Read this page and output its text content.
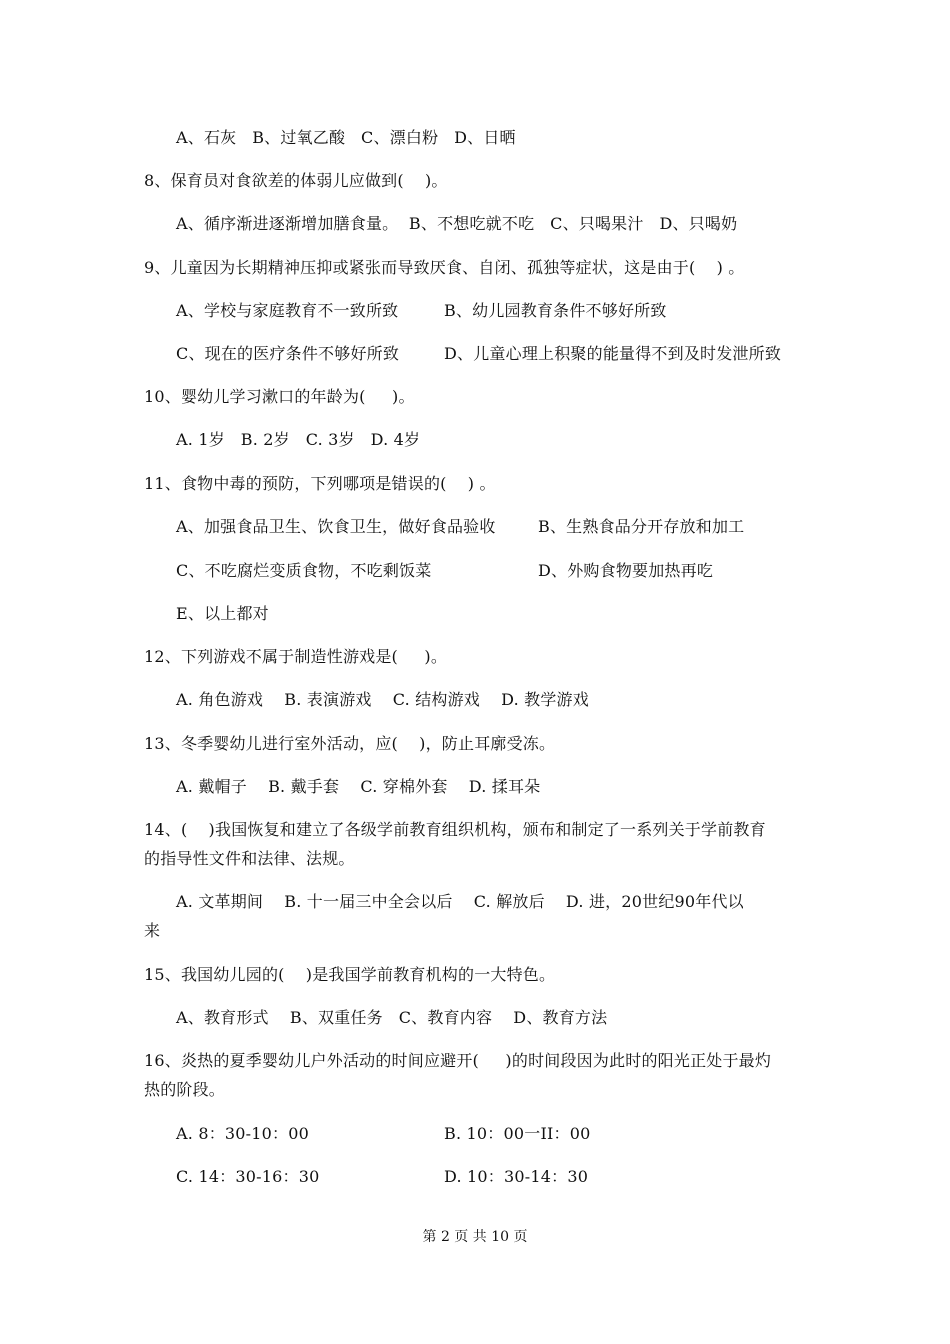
A、石灰   B、过氧乙酸   C、漂白粉   D、日晒
8、保育员对食欲差的体弱儿应做到(    )。
A、循序渐进逐渐增加膳食量。  B、不想吃就不吃   C、只喝果汁   D、只喝奶
9、儿童因为长期精神压抑或紧张而导致厌食、自闭、孤独等症状，这是由于(    ) 。
A、学校与家庭教育不一致所致	B、幼儿园教育条件不够好所致
C、现在的医疗条件不够好所致	D、儿童心理上积聚的能量得不到及时发泄所致
10、婴幼儿学习漱口的年龄为(     )。
A. 1岁   B. 2岁   C. 3岁   D. 4岁
11、食物中毒的预防，下列哪项是错误的(    ) 。
A、加强食品卫生、饮食卫生，做好食品验收	B、生熟食品分开存放和加工
C、不吃腐烂变质食物，不吃剩饭菜	D、外购食物要加热再吃
E、以上都对
12、下列游戏不属于制造性游戏是(     )。
A. 角色游戏    B. 表演游戏    C. 结构游戏    D. 教学游戏
13、冬季婴幼儿进行室外活动，应(    )，防止耳廓受冻。
A. 戴帽子    B. 戴手套    C. 穿棉外套    D. 揉耳朵
14、(    )我国恢复和建立了各级学前教育组织机构，颁布和制定了一系列关于学前教育
的指导性文件和法律、法规。
A. 文革期间    B. 十一届三中全会以后    C. 解放后    D. 进，20世纪90年代以
来
15、我国幼儿园的(    )是我国学前教育机构的一大特色。
A、教育形式    B、双重任务   C、教育内容    D、教育方法
16、炎热的夏季婴幼儿户外活动的时间应避开(     )的时间段因为此时的阳光正处于最灼
热的阶段。
A. 8：30-10：00	B. 10：00一II：00
C. 14：30-16：30	D. 10：30-14：30
第 2 页 共 10 页
